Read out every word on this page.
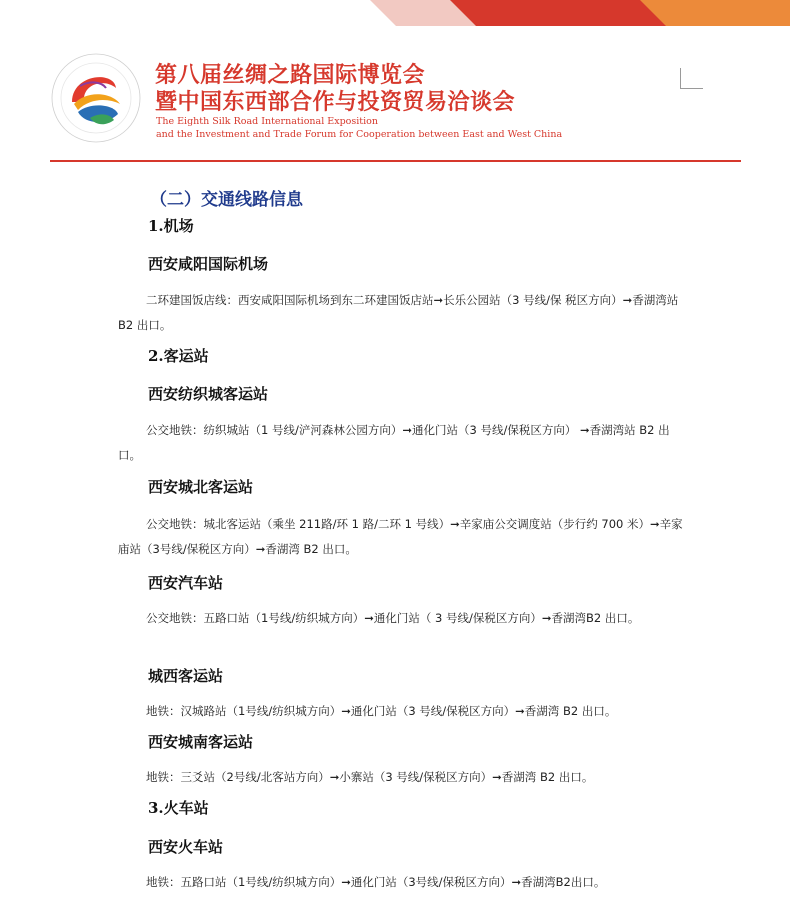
第八届丝绸之路国际博览会
暨中国东西部合作与投资贸易洽谈会
The Eighth Silk Road International Exposition
and the Investment and Trade Forum for Cooperation between East and West China
（二）交通线路信息
1.机场
西安咸阳国际机场

二环建国饭店线：西安咸阳国际机场到东二环建国饭店站➞长乐公园站（3 号线/保 税区方向）➞香湖湾站 B2 出口。

2.客运站
西安纺织城客运站

公交地铁：纺织城站（1 号线/浐河森林公园方向）➞通化门站（3 号线/保税区方向） ➞香湖湾站 B2 出口。

西安城北客运站

公交地铁：城北客运站（乘坐 211路/环 1 路/二环 1 号线）➞辛家庙公交调度站（步行约 700 米）➞辛家庙站（3号线/保税区方向）➞香湖湾 B2 出口。

西安汽车站

公交地铁：五路口站（1号线/纺织城方向）➞通化门站（ 3 号线/保税区方向）➞香湖湾B2 出口。

城西客运站

地铁：汉城路站（1号线/纺织城方向）➞通化门站（3 号线/保税区方向）➞香湖湾 B2 出口。

西安城南客运站

地铁：三爻站（2号线/北客站方向）➞小寨站（3 号线/保税区方向）➞香湖湾 B2 出口。

3.火车站
西安火车站

地铁：五路口站（1号线/纺织城方向）➞通化门站（3号线/保税区方向）➞香湖湾B2出口。
